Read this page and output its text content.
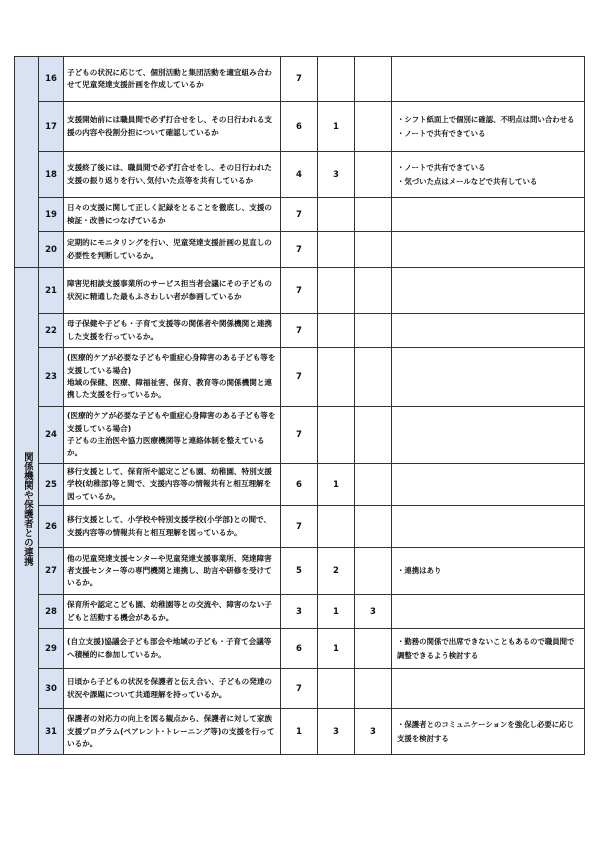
	16	子どもの状況に応じて、個別活動と集団活動を適宜組み合わせて児童発達支援計画を作成しているか	7			

	17	支援開始前には職員間で必ず打合せをし、その日行われる支援の内容や役割分担について確認しているか	6	1		・シフト紙面上で個別に確認、不明点は問い合わせる
・ノートで共有できている

	18	支援終了後には、職員間で必ず打合せをし、その日行われた支援の振り返りを行い､気付いた点等を共有しているか	4	3		・ノートで共有できている
・気づいた点はメールなどで共有している

	19	日々の支援に関して正しく記録をとることを徹底し、支援の検証・改善につなげているか	7			

	20	定期的にモニタリングを行い、児童発達支援計画の見直しの必要性を判断しているか。	7			

関係機関や保護者との連携	21	障害児相談支援事業所のサービス担当者会議にその子どもの状況に精通した最もふさわしい者が参画しているか	7			

	22	母子保健や子ども・子育て支援等の関係者や関係機関と連携した支援を行っているか。	7			

	23	(医療的ケアが必要な子どもや重症心身障害のある子ども等を支援している場合)
地域の保健、医療、障福祉害、保育、教育等の関係機関と連携した支援を行っているか。	7			

	24	(医療的ケアが必要な子どもや重症心身障害のある子ども等を支援している場合)
子どもの主治医や協力医療機関等と連絡体制を整えているか。	7			

	25	移行支援として、保育所や認定こども園、幼稚園、特別支援学校(幼稚部)等と間で、支援内容等の情報共有と相互理解を図っているか。	6	1		

	26	移行支援として、小学校や特別支援学校(小学部)との間で、支援内容等の情報共有と相互理解を図っているか。	7			

	27	他の児童発達支援センターや児童発達支援事業所、発達障害者支援センター等の専門機関と連携し、助言や研修を受けているか。	5	2		・連携はあり

	28	保育所や認定こども園、幼稚園等との交流や、障害のない子どもと活動する機会があるか。	3	1	3	

	29	(自立支援)協議会子ども部会や地域の子ども・子育て会議等へ積極的に参加しているか。	6	1		・勤務の関係で出席できないこともあるので職員間で調整できるよう検討する

	30	日頃から子どもの状況を保護者と伝え合い、子どもの発達の状況や課題について共通理解を持っているか。	7			

	31	保護者の対応力の向上を図る観点から、保護者に対して家族支援プログラム(ペアレント･トレーニング等)の支援を行っているか。	1	3	3	・保護者とのコミュニケーションを強化し必要に応じ支援を検討する
